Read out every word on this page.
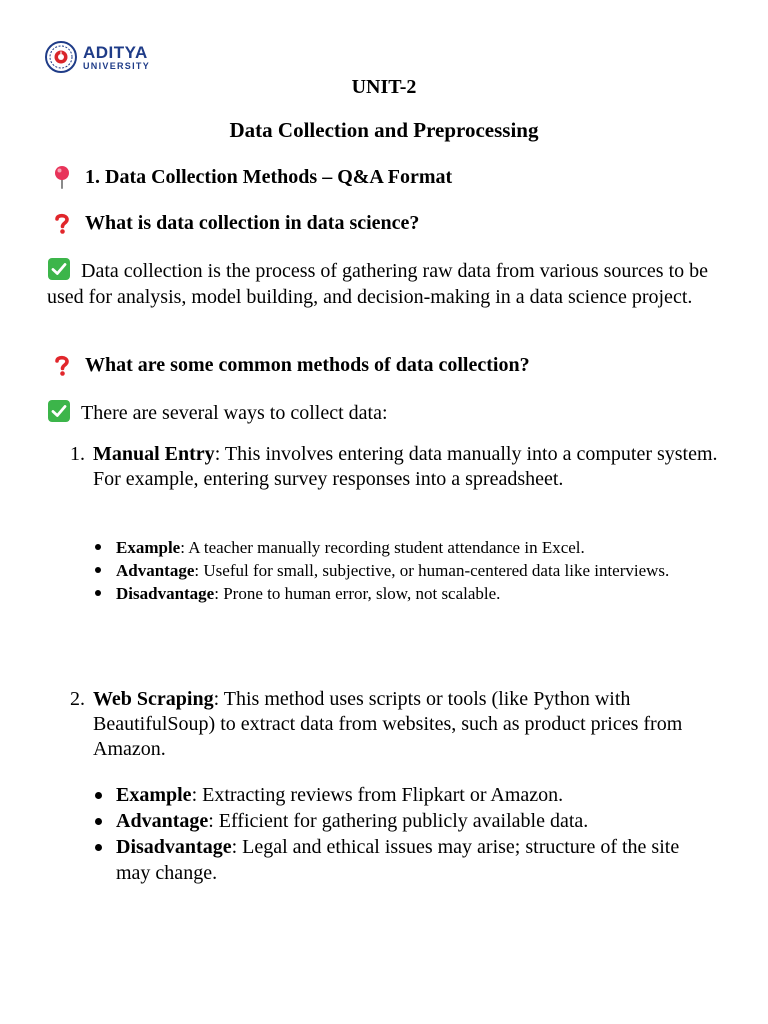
ADITYA
UNIVERSITY
UNIT-2
Data Collection and Preprocessing
1. Data Collection Methods – Q&A Format
What is data collection in data science?
Data collection is the process of gathering raw data from various sources to be used for analysis, model building, and decision-making in a data science project.
What are some common methods of data collection?
There are several ways to collect data:
1. Manual Entry: This involves entering data manually into a computer system. For example, entering survey responses into a spreadsheet.
Example: A teacher manually recording student attendance in Excel.
Advantage: Useful for small, subjective, or human-centered data like interviews.
Disadvantage: Prone to human error, slow, not scalable.
2. Web Scraping: This method uses scripts or tools (like Python with BeautifulSoup) to extract data from websites, such as product prices from Amazon.
Example: Extracting reviews from Flipkart or Amazon.
Advantage: Efficient for gathering publicly available data.
Disadvantage: Legal and ethical issues may arise; structure of the site may change.
